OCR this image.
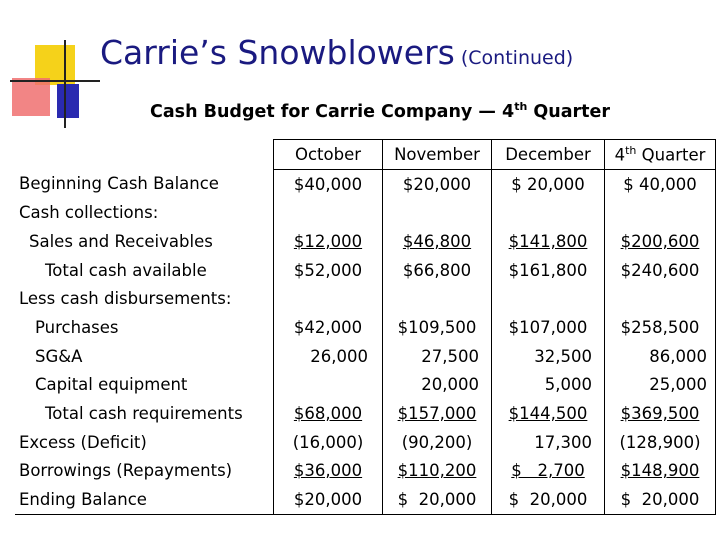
Carrie’s Snowblowers (Continued)
Cash Budget for Carrie Company — 4th Quarter
	October	November	December	4th Quarter
Beginning Cash Balance	$40,000	$20,000	$ 20,000	$ 40,000
Cash collections:				
Sales and Receivables	$12,000	$46,800	$141,800	$200,600
Total cash available	$52,000	$66,800	$161,800	$240,600
Less cash disbursements:				
Purchases	$42,000	$109,500	$107,000	$258,500
SG&A	26,000	27,500	32,500	86,000
Capital equipment		20,000	5,000	25,000
Total cash requirements	$68,000	$157,000	$144,500	$369,500
Excess (Deficit)	(16,000)	(90,200)	17,300	(128,900)
Borrowings (Repayments)	$36,000	$110,200	$   2,700	$148,900
Ending Balance	$20,000	$  20,000	$  20,000	$  20,000
